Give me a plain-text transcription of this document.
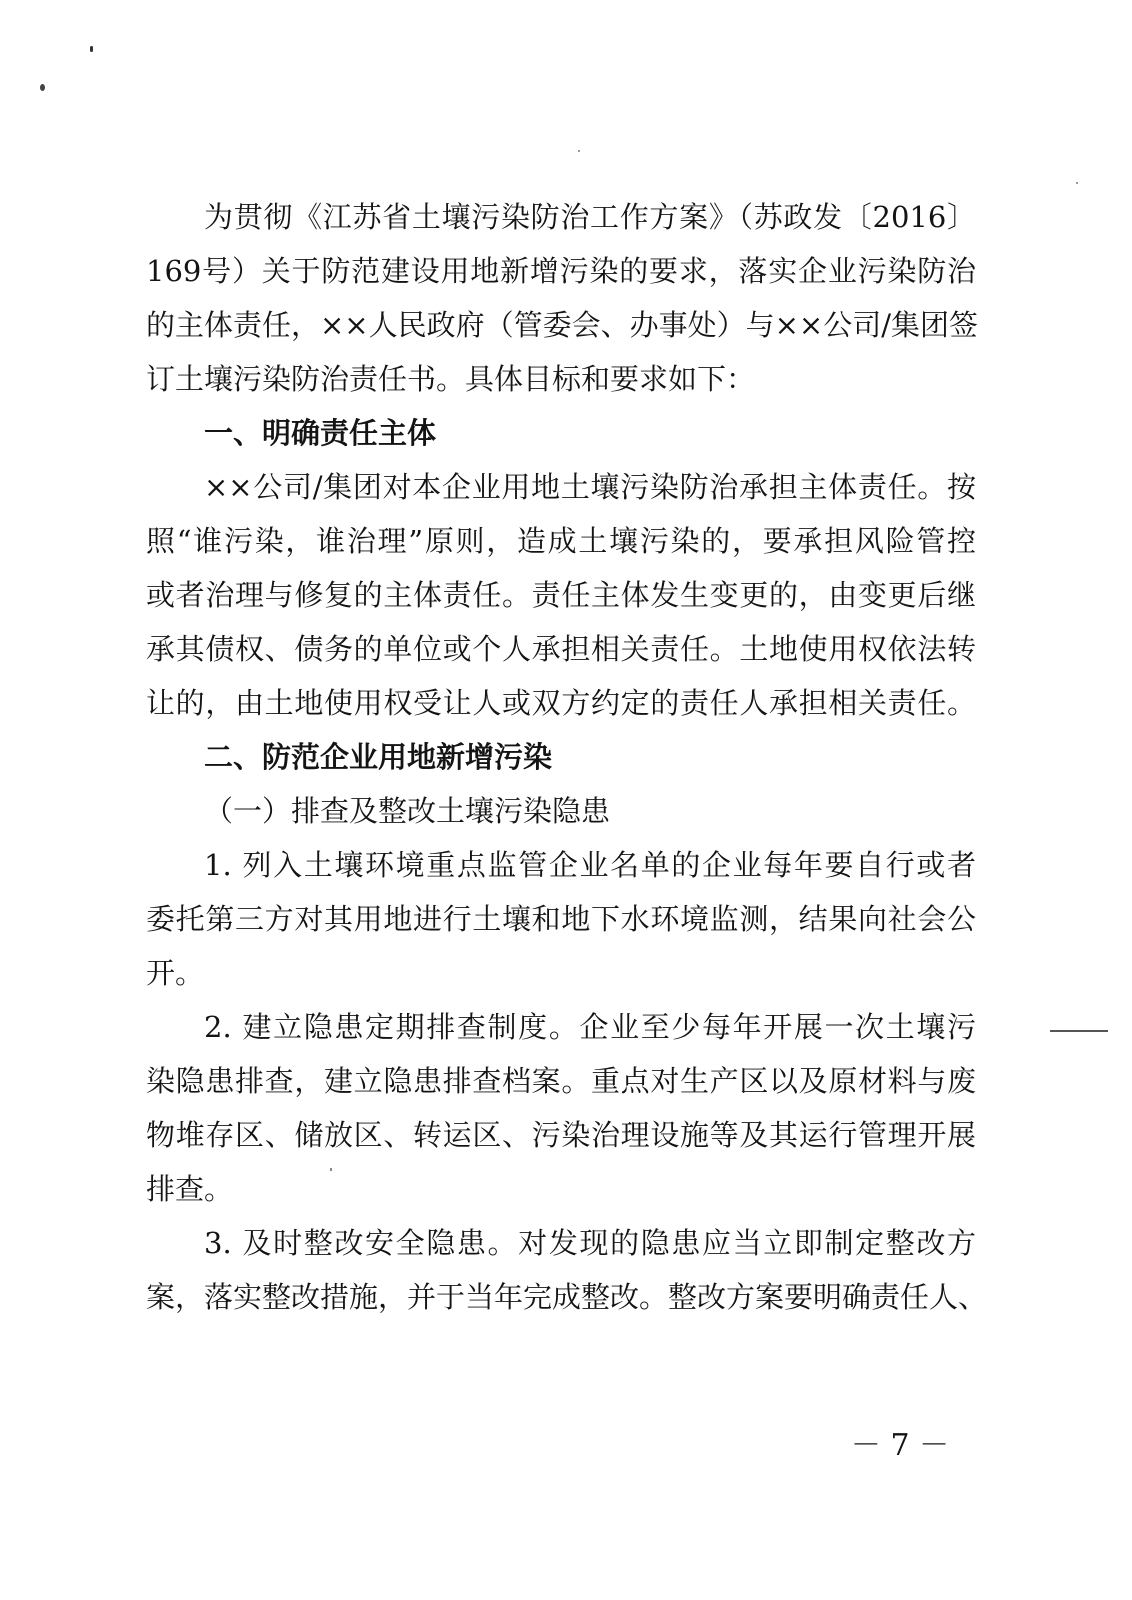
为贯彻《江苏省土壤污染防治工作方案》（苏政发〔2016〕
169号）关于防范建设用地新增污染的要求，落实企业污染防治
的主体责任，××人民政府（管委会、办事处）与××公司/集团签
订土壤污染防治责任书。具体目标和要求如下：
一、明确责任主体
××公司/集团对本企业用地土壤污染防治承担主体责任。按
照“谁污染，谁治理”原则，造成土壤污染的，要承担风险管控
或者治理与修复的主体责任。责任主体发生变更的，由变更后继
承其债权、债务的单位或个人承担相关责任。土地使用权依法转
让的，由土地使用权受让人或双方约定的责任人承担相关责任。
二、防范企业用地新增污染
（一）排查及整改土壤污染隐患
1. 列入土壤环境重点监管企业名单的企业每年要自行或者
委托第三方对其用地进行土壤和地下水环境监测，结果向社会公
开。
2. 建立隐患定期排查制度。企业至少每年开展一次土壤污
染隐患排查，建立隐患排查档案。重点对生产区以及原材料与废
物堆存区、储放区、转运区、污染治理设施等及其运行管理开展
排查。
3. 及时整改安全隐患。对发现的隐患应当立即制定整改方
案，落实整改措施，并于当年完成整改。整改方案要明确责任人、
－ 7 －
